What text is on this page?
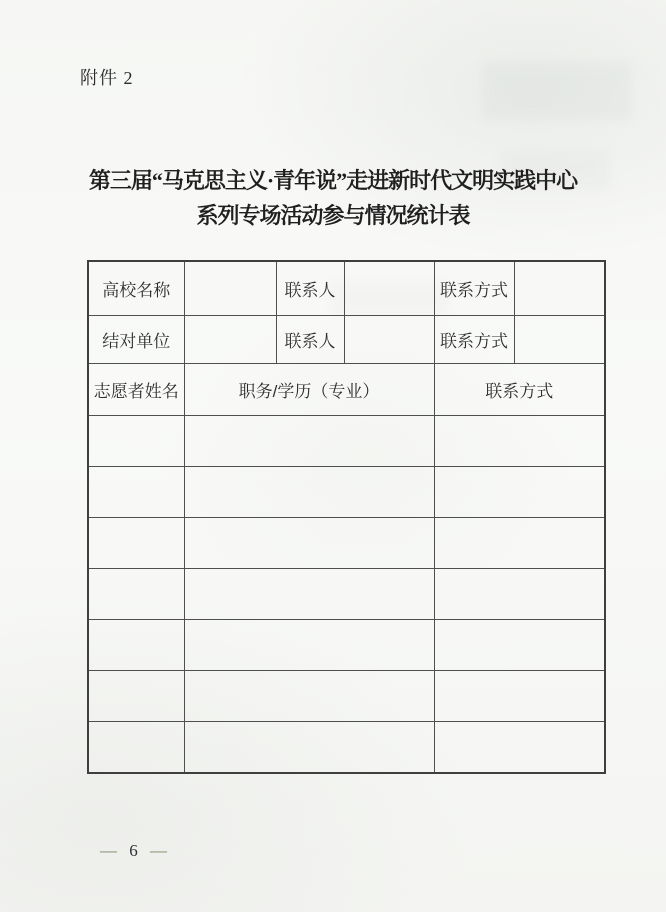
附件 2
第三届“马克思主义·青年说”走进新时代文明实践中心
系列专场活动参与情况统计表
高校名称		联系人		联系方式	
结对单位		联系人		联系方式	
志愿者姓名	职务/学历（专业）			联系方式	

— 6 —
